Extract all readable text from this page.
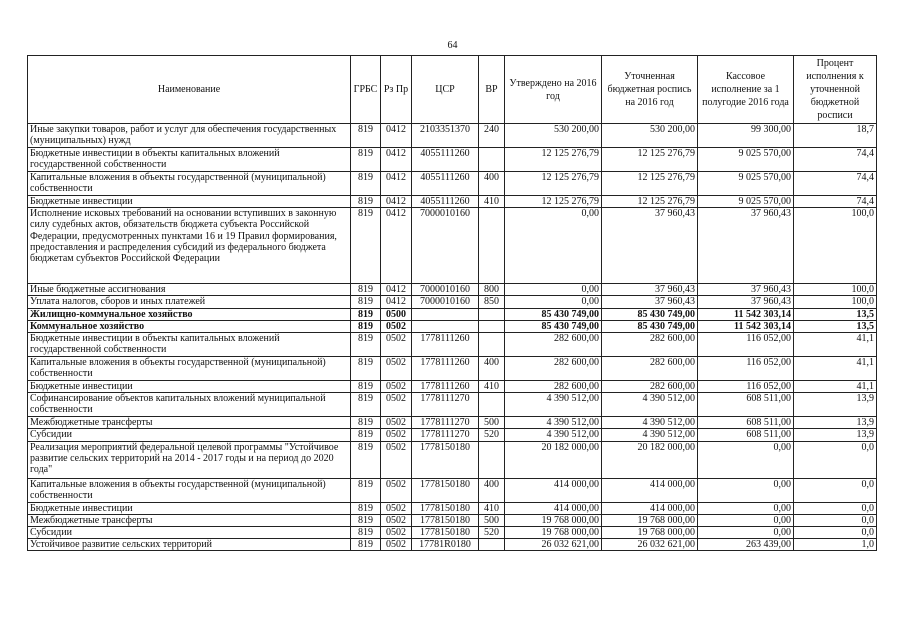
64
Наименование	ГРБС	Рз Пр	ЦСР	ВР	Утверждено на 2016 год	Уточненная бюджетная роспись на 2016 год	Кассовое исполнение за 1 полугодие 2016 года	Процент исполнения к уточненной бюджетной росписи
Иные закупки товаров, работ и услуг для обеспечения государственных (муниципальных) нужд	819	0412	2103351370	240	530 200,00	530 200,00	99 300,00	18,7
Бюджетные инвестиции в объекты капитальных вложений государственной собственности	819	0412	4055111260		12 125 276,79	12 125 276,79	9 025 570,00	74,4
Капитальные вложения в объекты государственной (муниципальной) собственности	819	0412	4055111260	400	12 125 276,79	12 125 276,79	9 025 570,00	74,4
Бюджетные инвестиции	819	0412	4055111260	410	12 125 276,79	12 125 276,79	9 025 570,00	74,4
Исполнение исковых требований на основании вступивших в законную силу судебных актов, обязательств бюджета субъекта Российской Федерации, предусмотренных пунктами 16 и 19 Правил формирования, предоставления и распределения субсидий из федерального бюджета бюджетам субъектов Российской Федерации	819	0412	7000010160		0,00	37 960,43	37 960,43	100,0
Иные бюджетные ассигнования	819	0412	7000010160	800	0,00	37 960,43	37 960,43	100,0
Уплата налогов, сборов и иных платежей	819	0412	7000010160	850	0,00	37 960,43	37 960,43	100,0
Жилищно-коммунальное хозяйство	819	0500			85 430 749,00	85 430 749,00	11 542 303,14	13,5
Коммунальное хозяйство	819	0502			85 430 749,00	85 430 749,00	11 542 303,14	13,5
Бюджетные инвестиции в объекты капитальных вложений государственной собственности	819	0502	1778111260		282 600,00	282 600,00	116 052,00	41,1
Капитальные вложения в объекты государственной (муниципальной) собственности	819	0502	1778111260	400	282 600,00	282 600,00	116 052,00	41,1
Бюджетные инвестиции	819	0502	1778111260	410	282 600,00	282 600,00	116 052,00	41,1
Софинансирование объектов капитальных вложений муниципальной собственности	819	0502	1778111270		4 390 512,00	4 390 512,00	608 511,00	13,9
Межбюджетные трансферты	819	0502	1778111270	500	4 390 512,00	4 390 512,00	608 511,00	13,9
Субсидии	819	0502	1778111270	520	4 390 512,00	4 390 512,00	608 511,00	13,9
Реализация мероприятий федеральной целевой программы "Устойчивое развитие сельских территорий на 2014 - 2017 годы и на период до 2020 года"	819	0502	1778150180		20 182 000,00	20 182 000,00	0,00	0,0
Капитальные вложения в объекты государственной (муниципальной) собственности	819	0502	1778150180	400	414 000,00	414 000,00	0,00	0,0
Бюджетные инвестиции	819	0502	1778150180	410	414 000,00	414 000,00	0,00	0,0
Межбюджетные трансферты	819	0502	1778150180	500	19 768 000,00	19 768 000,00	0,00	0,0
Субсидии	819	0502	1778150180	520	19 768 000,00	19 768 000,00	0,00	0,0
Устойчивое развитие сельских территорий	819	0502	17781R0180		26 032 621,00	26 032 621,00	263 439,00	1,0
